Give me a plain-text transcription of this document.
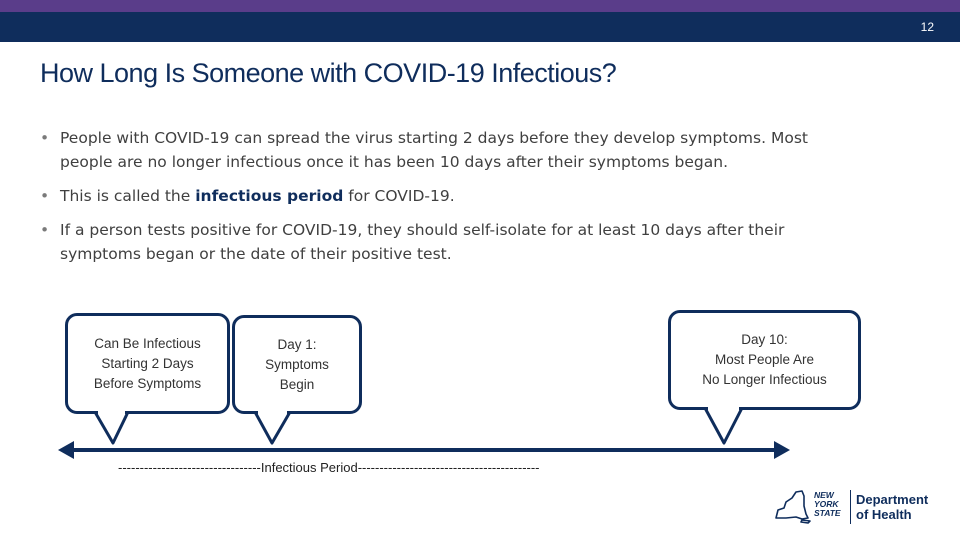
12
How Long Is Someone with COVID-19 Infectious?
• People with COVID-19 can spread the virus starting 2 days before they develop symptoms. Most people are no longer infectious once it has been 10 days after their symptoms began.
• This is called the infectious period for COVID-19.
• If a person tests positive for COVID-19, they should self-isolate for at least 10 days after their symptoms began or the date of their positive test.
Can Be Infectious
Starting 2 Days
Before Symptoms
Day 1:
Symptoms
Begin
Day 10:
Most People Are
No Longer Infectious
---------------------------------Infectious Period------------------------------------------
NEW
YORK
STATE
Department
of Health
